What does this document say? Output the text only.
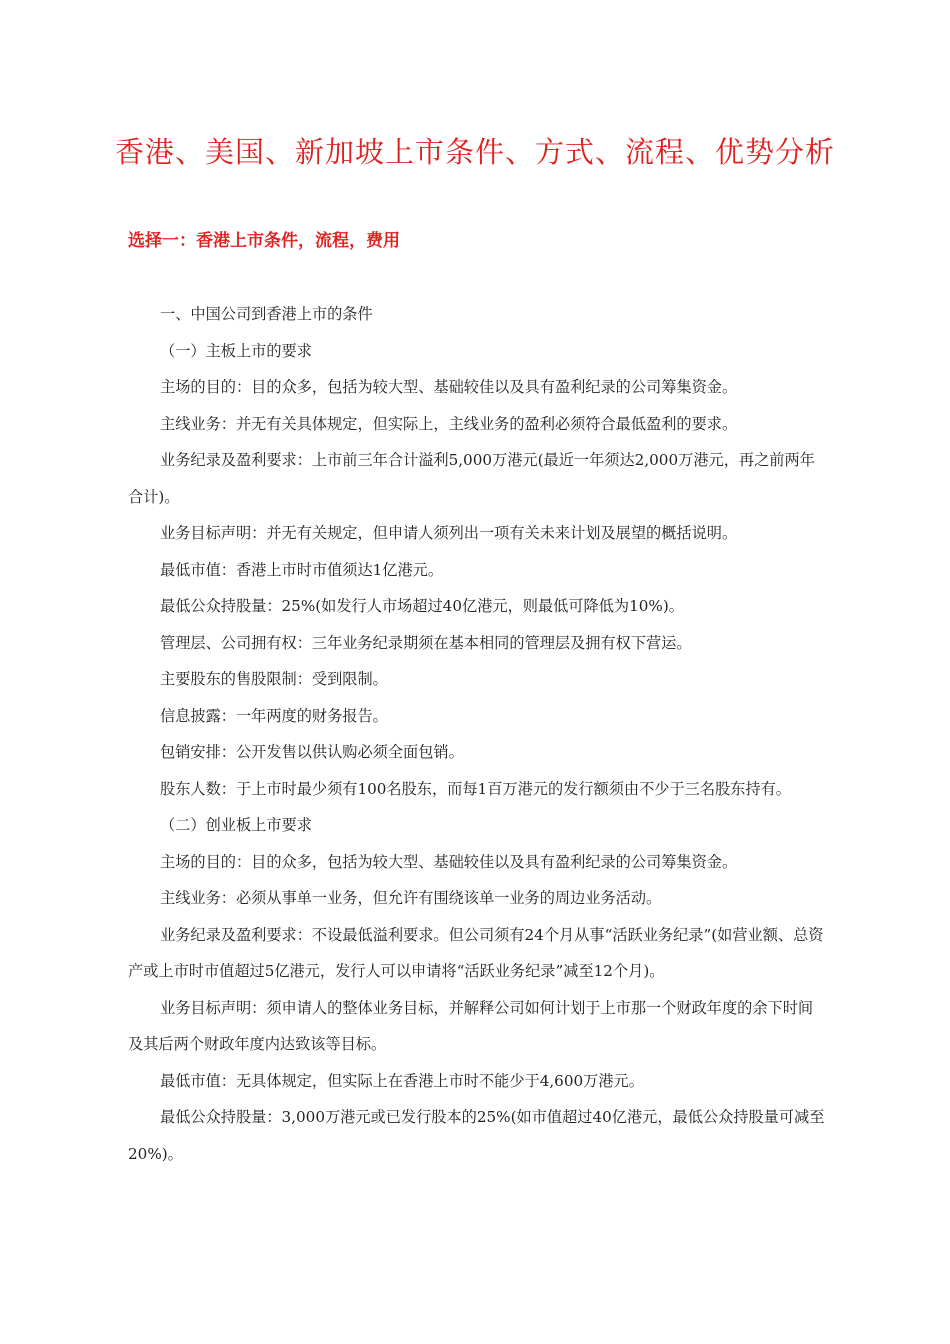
香港、美国、新加坡上市条件、方式、流程、优势分析
选择一：香港上市条件，流程，费用

一、中国公司到香港上市的条件

（一）主板上市的要求

主场的目的：目的众多，包括为较大型、基础较佳以及具有盈利纪录的公司筹集资金。

主线业务：并无有关具体规定，但实际上，主线业务的盈利必须符合最低盈利的要求。

业务纪录及盈利要求：上市前三年合计溢利5,000万港元(最近一年须达2,000万港元，再之前两年合计)。

业务目标声明：并无有关规定，但申请人须列出一项有关未来计划及展望的概括说明。

最低市值：香港上市时市值须达1亿港元。

最低公众持股量：25%(如发行人市场超过40亿港元，则最低可降低为10%)。

管理层、公司拥有权：三年业务纪录期须在基本相同的管理层及拥有权下营运。

主要股东的售股限制：受到限制。

信息披露：一年两度的财务报告。

包销安排：公开发售以供认购必须全面包销。

股东人数：于上市时最少须有100名股东，而每1百万港元的发行额须由不少于三名股东持有。

（二）创业板上市要求

主场的目的：目的众多，包括为较大型、基础较佳以及具有盈利纪录的公司筹集资金。

主线业务：必须从事单一业务，但允许有围绕该单一业务的周边业务活动。

业务纪录及盈利要求：不设最低溢利要求。但公司须有24个月从事“活跃业务纪录”(如营业额、总资产或上市时市值超过5亿港元，发行人可以申请将“活跃业务纪录”减至12个月)。

业务目标声明：须申请人的整体业务目标，并解释公司如何计划于上市那一个财政年度的余下时间及其后两个财政年度内达致该等目标。

最低市值：无具体规定，但实际上在香港上市时不能少于4,600万港元。

最低公众持股量：3,000万港元或已发行股本的25%(如市值超过40亿港元，最低公众持股量可减至20%)。
